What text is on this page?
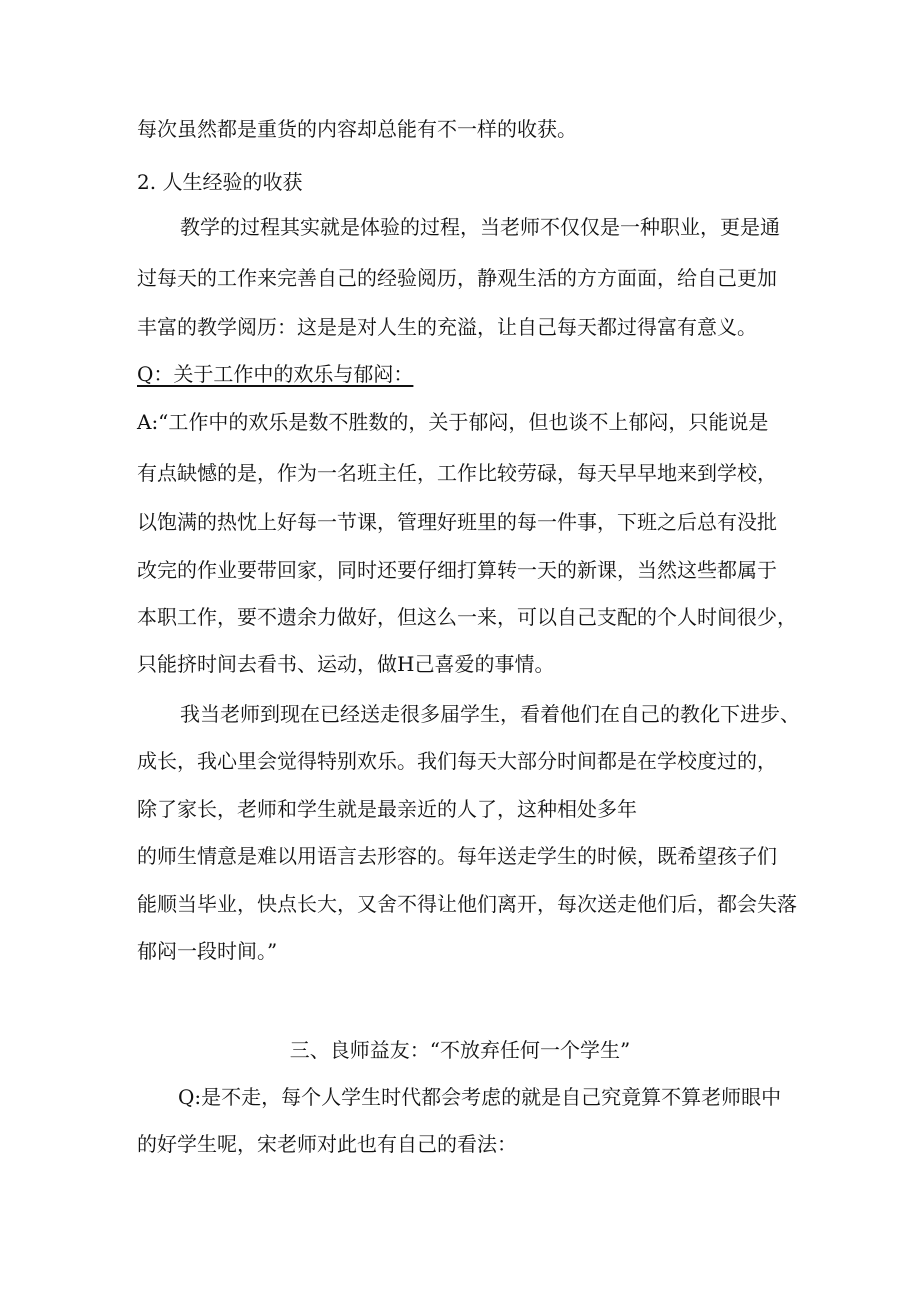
每次虽然都是重货的内容却总能有不一样的收获。
2. 人生经验的收获
教学的过程其实就是体验的过程，当老师不仅仅是一种职业，更是通
过每天的工作来完善自己的经验阅历，静观生活的方方面面，给自己更加
丰富的教学阅历：这是是对人生的充溢，让自己每天都过得富有意义。
Q：关于工作中的欢乐与郁闷：
A:“工作中的欢乐是数不胜数的，关于郁闷，但也谈不上郁闷，只能说是
有点缺憾的是，作为一名班主任，工作比较劳碌，每天早早地来到学校，
以饱满的热忱上好每一节课，管理好班里的每一件事，下班之后总有没批
改完的作业要带回家，同时还要仔细打算转一天的新课，当然这些都属于
本职工作，要不遗余力做好，但这么一来，可以自己支配的个人时间很少，
只能挤时间去看书、运动，做H己喜爱的事情。
我当老师到现在已经送走很多届学生，看着他们在自己的教化下进步、
成长，我心里会觉得特别欢乐。我们每天大部分时间都是在学校度过的，
除了家长，老师和学生就是最亲近的人了，这种相处多年
的师生情意是难以用语言去形容的。每年送走学生的时候，既希望孩子们
能顺当毕业，快点长大，又舍不得让他们离开，每次送走他们后，都会失落
郁闷一段时间。”
三、良师益友：“不放弃任何一个学生”
Q:是不走，每个人学生时代都会考虑的就是自己究竟算不算老师眼中
的好学生呢，宋老师对此也有自己的看法：
